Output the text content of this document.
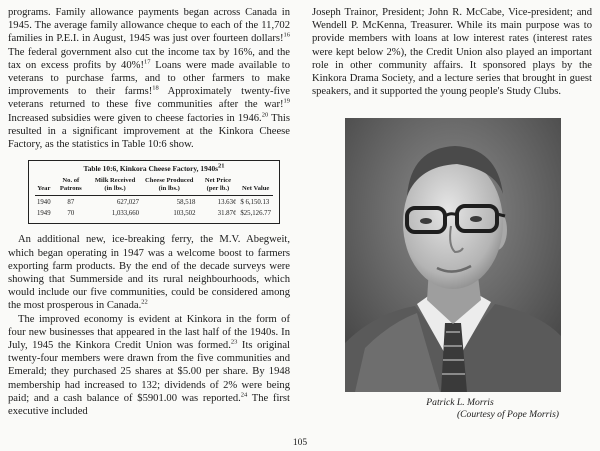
programs. Family allowance payments began across Canada in 1945. The average family allowance cheque to each of the 11,702 families in P.E.I. in August, 1945 was just over fourteen dollars!$^{16}$ The federal government also cut the income tax by 16%, and the tax on excess profits by 40%!$^{17}$ Loans were made available to veterans to purchase farms, and to other farmers to make improvements to their farms!$^{18}$ Approximately twenty-five veterans returned to these five communities after the war!$^{19}$ Increased subsidies were given to cheese factories in 1946.20 This resulted in a significant improvement at the Kinkora Cheese Factory, as the statistics in Table 10:6 show.

Table 10:6, Kinkora Cheese Factory, $1940s^{21}$
Year	No. of Patrons	Milk Received (in lbs.)	Cheese Produced (in lbs.)	Net Price (per lb.)	Net Value
1940	87	627,027	58,518	13.63¢	$ 6,150.13
1949	70	1,033,660	103,502	31.87¢	$25,126.77

An additional new, ice-breaking ferry, the M.V. Abegweit, which began operating in 1947 was a welcome boost to farmers exporting farm products. By the end of the decade surveys were showing that Summerside and its rural neighbourhoods, which would include our five communities, could be considered among the most prosperous in Canada.$^{22}$

The improved economy is evident at Kinkora in the form of four new businesses that appeared in the last half of the 1940s. In July, 1945 the Kinkora Credit Union was formed.$^{23}$ Its original twenty-four members were drawn from the five communities and Emerald; they purchased 25 shares at $5.00 per share. By 1948 membership had increased to 132; dividends of 2% were being paid; and a cash balance of $5901.00 was reported.$^{24}$ The first executive included

Joseph Trainor, President; John R. McCabe, Vice-president; and Wendell P. McKenna, Treasurer. While its main purpose was to provide members with loans at low interest rates (interest rates were kept below 2%), the Credit Union also played an important role in other community affairs. It sponsored plays by the Kinkora Drama Society, and a lecture series that brought in guest speakers, and it supported the young people's Study Clubs.

Patrick L. Morris
(Courtesy of Pope Morris)
105
